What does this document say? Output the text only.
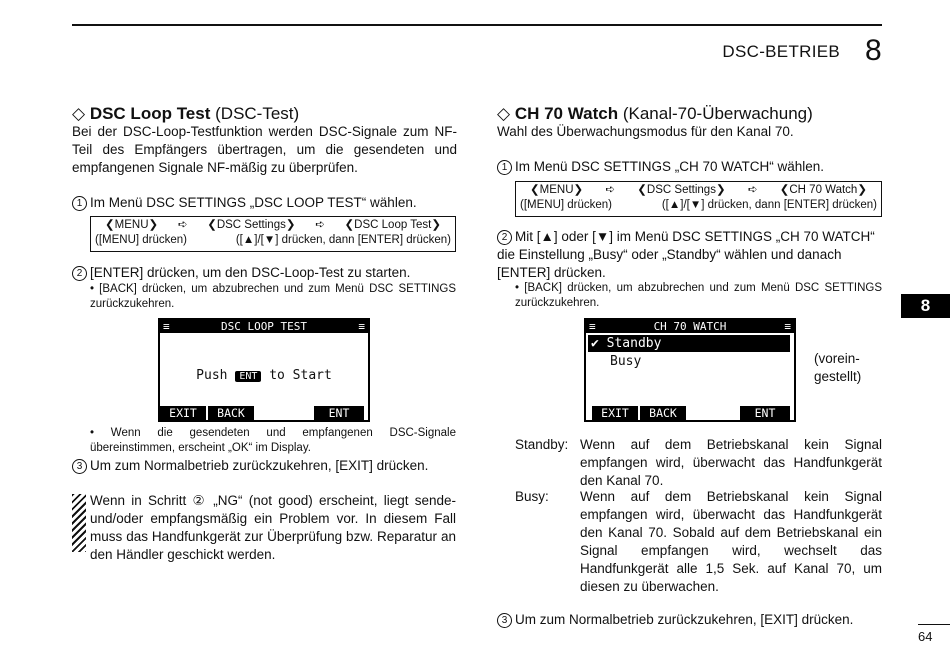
DSC-BETRIEB 8
8
64
◇ DSC Loop Test (DSC-Test)
Bei der DSC-Loop-Testfunktion werden DSC-Signale zum NF-Teil des Empfängers übertragen, um die gesendeten und empfangenen Signale NF-mäßig zu überprüfen.
1 Im Menü DSC SETTINGS „DSC LOOP TEST“ wählen.
❮MENU❯ ➪ ❮DSC Settings❯ ➪ ❮DSC Loop Test❯
([MENU] drücken)	([▲]/[▼] drücken, dann [ENTER] drücken)
2 [ENTER] drücken, um den DSC-Loop-Test zu starten.
• [BACK] drücken, um abzubrechen und zum Menü DSC SETTINGS zurückzukehren.
≡	DSC LOOP TEST	≡
Push ENT to Start
EXIT	BACK	ENT
• Wenn die gesendeten und empfangenen DSC-Signale übereinstimmen, erscheint „OK“ im Display.
3 Um zum Normalbetrieb zurückzukehren, [EXIT] drücken.
Wenn in Schritt ② „NG“ (not good) erscheint, liegt sende- und/oder empfangsmäßig ein Problem vor. In diesem Fall muss das Handfunkgerät zur Überprüfung bzw. Reparatur an den Händler geschickt werden.
◇ CH 70 Watch (Kanal-70-Überwachung)
Wahl des Überwachungsmodus für den Kanal 70.
1 Im Menü DSC SETTINGS „CH 70 WATCH“ wählen.
❮MENU❯ ➪ ❮DSC Settings❯ ➪ ❮CH 70 Watch❯
([MENU] drücken)	([▲]/[▼] drücken, dann [ENTER] drücken)
2 Mit [▲] oder [▼] im Menü DSC SETTINGS „CH 70 WATCH“ die Einstellung „Busy“ oder „Standby“ wählen und danach [ENTER] drücken.
• [BACK] drücken, um abzubrechen und zum Menü DSC SETTINGS zurückzukehren.
≡	CH 70 WATCH	≡
✔ Standby
Busy
EXIT	BACK	ENT
(vorein-
gestellt)
Standby: Wenn auf dem Betriebskanal kein Signal empfangen wird, überwacht das Handfunkgerät den Kanal 70.
Busy:	Wenn auf dem Betriebskanal kein Signal empfangen wird, überwacht das Handfunkgerät den Kanal 70. Sobald auf dem Betriebskanal ein Signal empfangen wird, wechselt das Handfunkgerät alle 1,5 Sek. auf Kanal 70, um diesen zu überwachen.
3 Um zum Normalbetrieb zurückzukehren, [EXIT] drücken.
